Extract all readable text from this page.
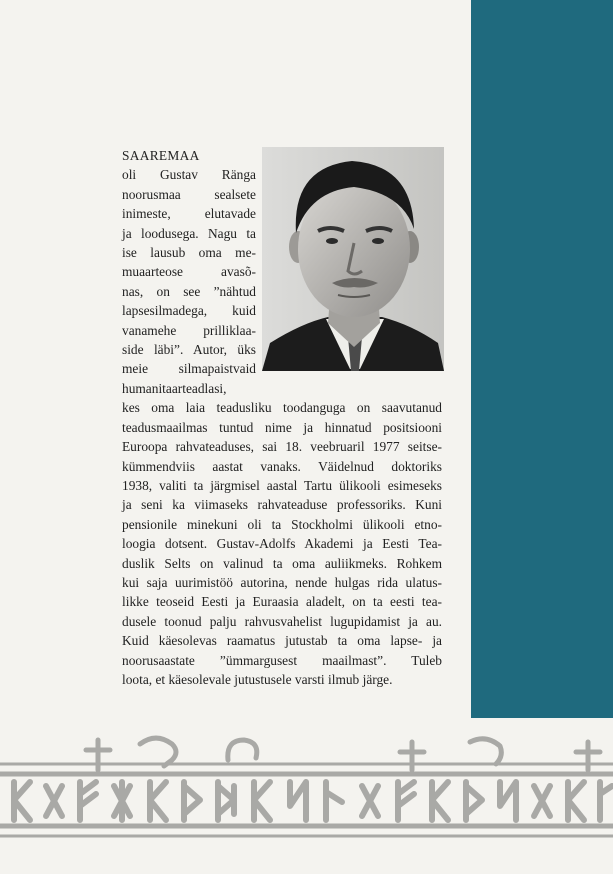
SAAREMAA
oli Gustav Ränga
noorusmaa sealsete
inimeste, elutavade
ja loodusega. Nagu ta
ise lausub oma me-
muaarteose avasõ-
nas, on see ”nähtud
lapsesilmadega, kuid
vanamehe prilliklaa-
side läbi”. Autor, üks
meie silmapaistvaid
humanitaarteadlasi,
kes oma laia teadusliku toodanguga on saavutanud
teadusmaailmas tuntud nime ja hinnatud positsiooni
Euroopa rahvateaduses, sai 18. veebruaril 1977 seitse-
kümmendviis aastat vanaks. Väidelnud doktoriks
1938, valiti ta järgmisel aastal Tartu ülikooli esimeseks
ja seni ka viimaseks rahvateaduse professoriks. Kuni
pensionile minekuni oli ta Stockholmi ülikooli etno-
loogia dotsent. Gustav-Adolfs Akademi ja Eesti Tea-
duslik Selts on valinud ta oma auliikmeks. Rohkem
kui saja uurimistöö autorina, nende hulgas rida ulatus-
likke teoseid Eesti ja Euraasia aladelt, on ta eesti tea-
dusele toonud palju rahvusvahelist lugupidamist ja au.
Kuid käesolevas raamatus jutustab ta oma lapse- ja
noorusaastate ”ümmargusest maailmast”. Tuleb
loota, et käesolevale jutustusele varsti ilmub järge.
